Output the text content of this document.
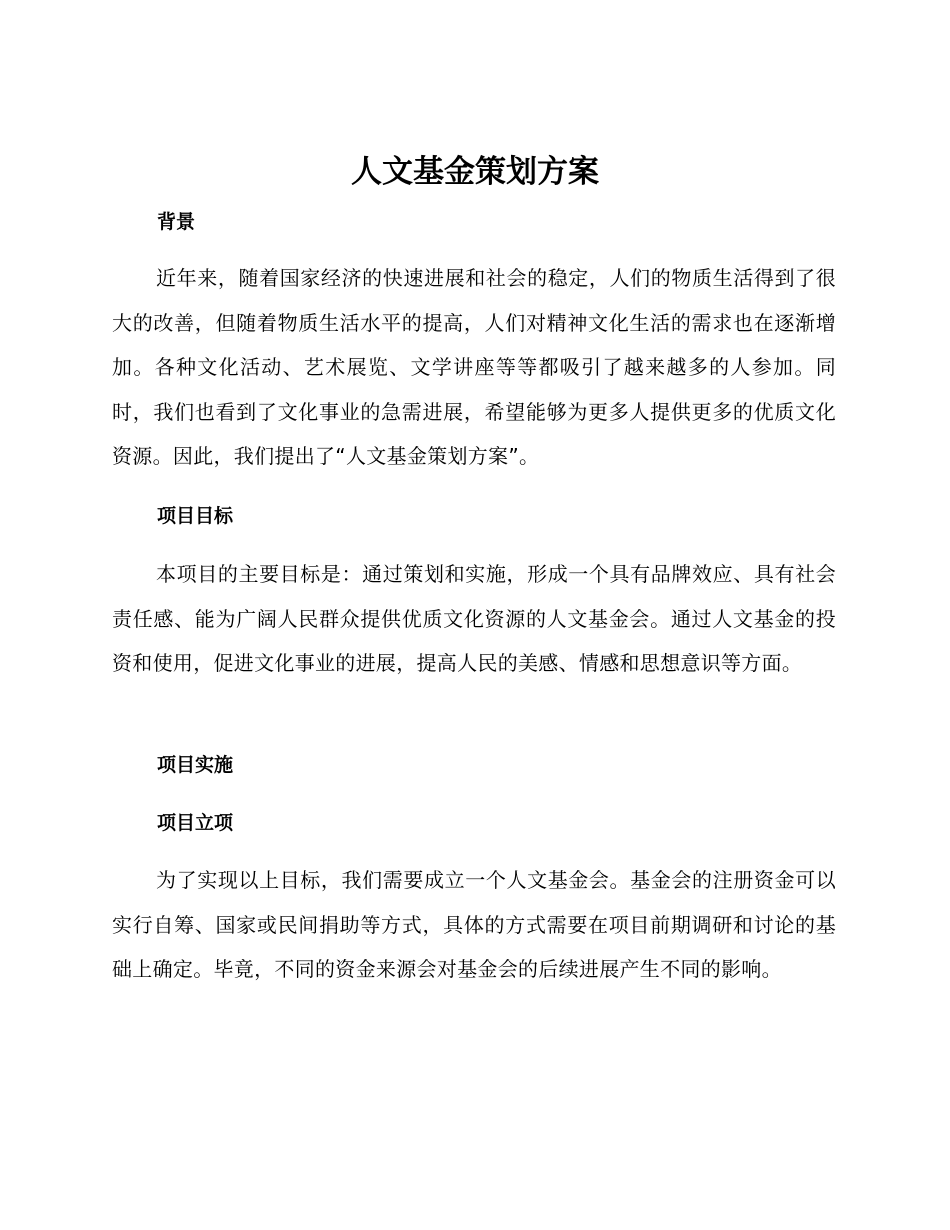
人文基金策划方案
背景

近年来，随着国家经济的快速进展和社会的稳定，人们的物质生活得到了很大的改善，但随着物质生活水平的提高，人们对精神文化生活的需求也在逐渐增加。各种文化活动、艺术展览、文学讲座等等都吸引了越来越多的人参加。同时，我们也看到了文化事业的急需进展，希望能够为更多人提供更多的优质文化资源。因此，我们提出了“人文基金策划方案”。

项目目标

本项目的主要目标是：通过策划和实施，形成一个具有品牌效应、具有社会责任感、能为广阔人民群众提供优质文化资源的人文基金会。通过人文基金的投资和使用，促进文化事业的进展，提高人民的美感、情感和思想意识等方面。

项目实施
项目立项

为了实现以上目标，我们需要成立一个人文基金会。基金会的注册资金可以实行自筹、国家或民间捐助等方式，具体的方式需要在项目前期调研和讨论的基础上确定。毕竟，不同的资金来源会对基金会的后续进展产生不同的影响。
